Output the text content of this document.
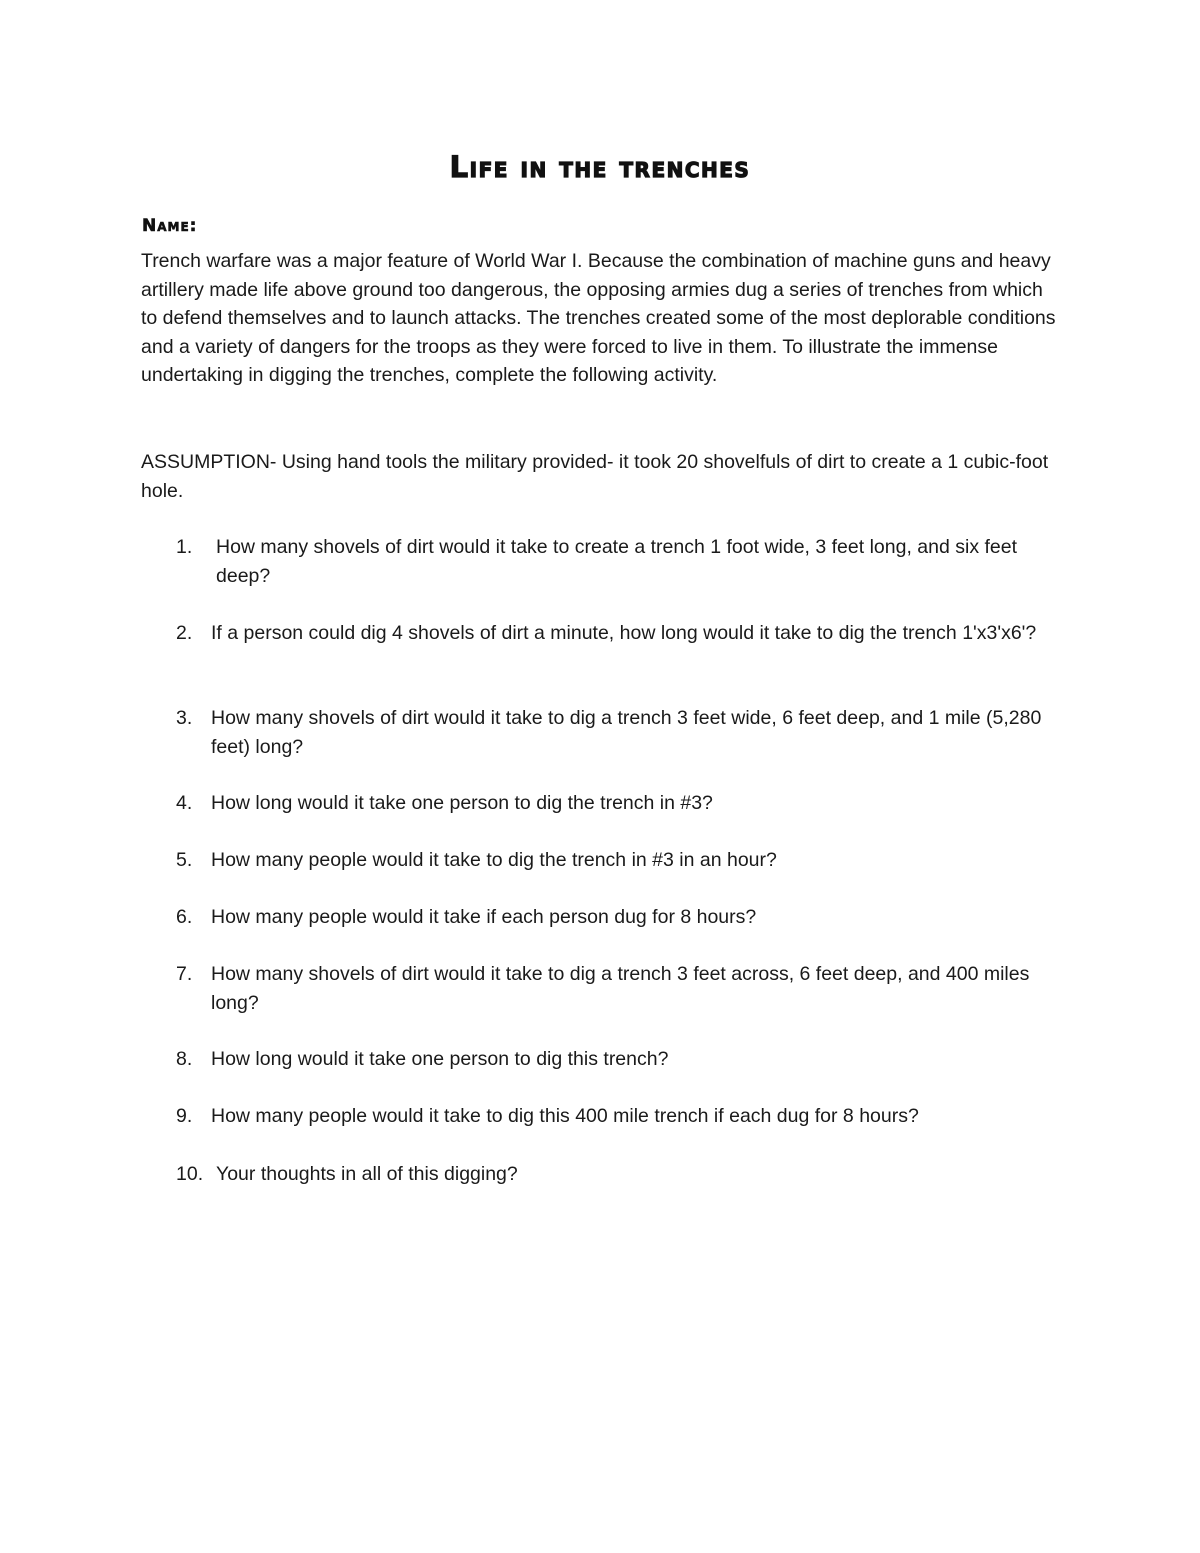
Life in the trenches
Name:

Trench warfare was a major feature of World War I. Because the combination of machine guns and heavy artillery made life above ground too dangerous, the opposing armies dug a series of trenches from which to defend themselves and to launch attacks. The trenches created some of the most deplorable conditions and a variety of dangers for the troops as they were forced to live in them. To illustrate the immense undertaking in digging the trenches, complete the following activity.

ASSUMPTION- Using hand tools the military provided- it took 20 shovelfuls of dirt to create a 1 cubic-foot hole.

1. How many shovels of dirt would it take to create a trench 1 foot wide, 3 feet long, and six feet deep?
2. If a person could dig 4 shovels of dirt a minute, how long would it take to dig the trench 1'x3'x6'?
3. How many shovels of dirt would it take to dig a trench 3 feet wide, 6 feet deep, and 1 mile (5,280 feet) long?
4. How long would it take one person to dig the trench in #3?
5. How many people would it take to dig the trench in #3 in an hour?
6. How many people would it take if each person dug for 8 hours?
7. How many shovels of dirt would it take to dig a trench 3 feet across, 6 feet deep, and 400 miles long?
8. How long would it take one person to dig this trench?
9. How many people would it take to dig this 400 mile trench if each dug for 8 hours?
10. Your thoughts in all of this digging?
